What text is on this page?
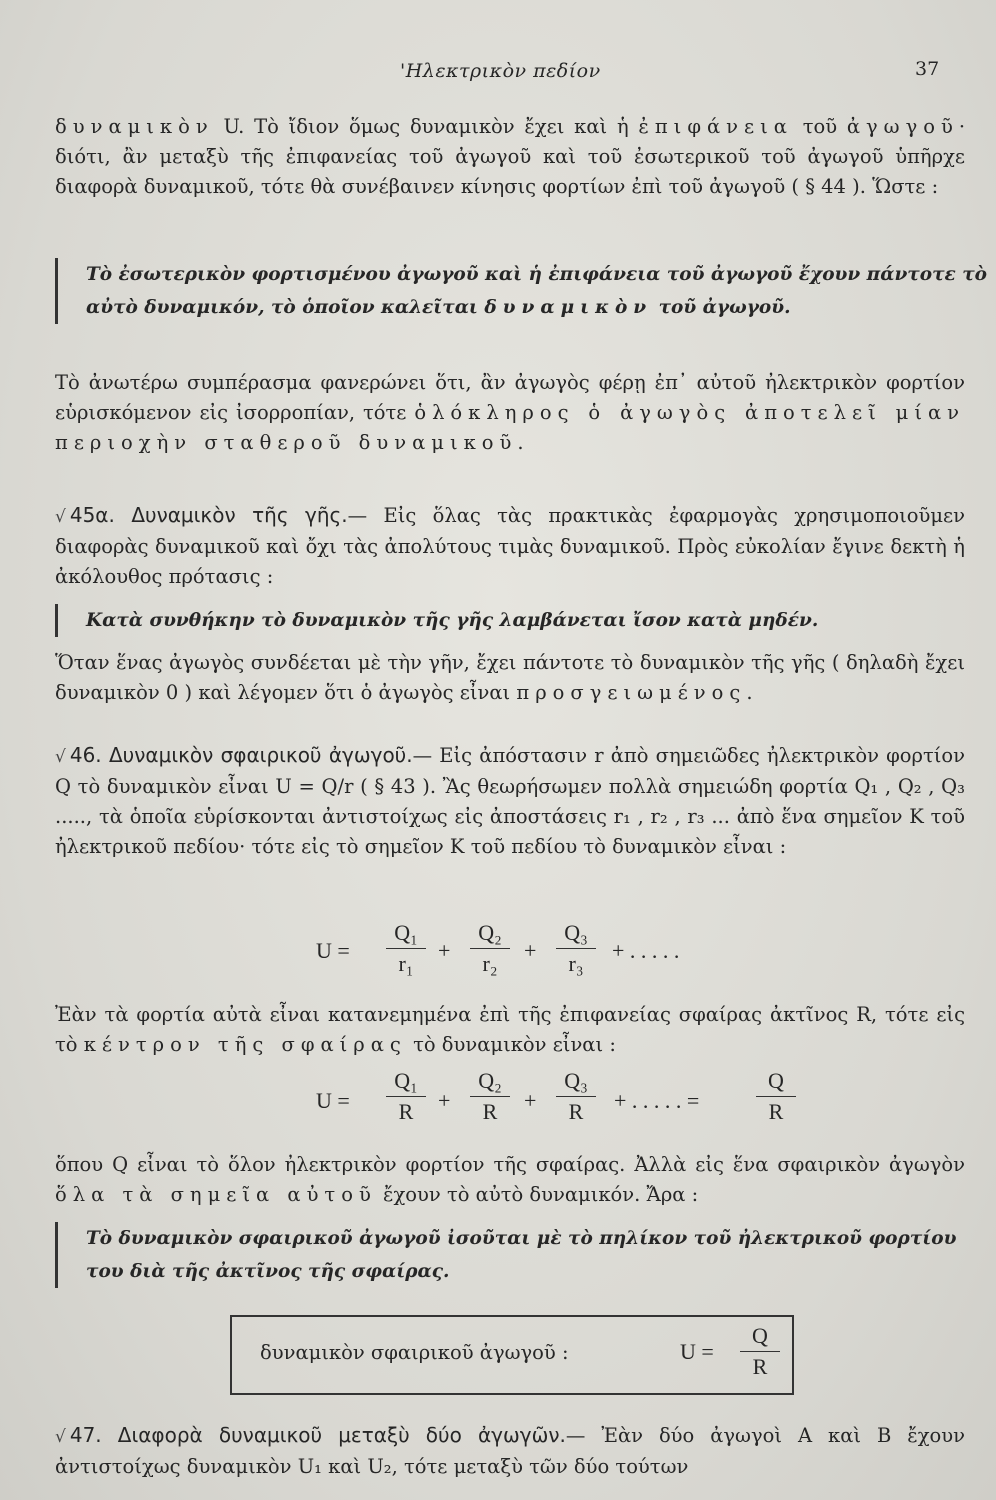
'Ηλεκτρικὸν πεδίον	37
δυναμικὸν U. Τὸ ἴδιον ὅμως δυναμικὸν ἔχει καὶ ἡ ἐπιφάνεια τοῦ ἀγωγοῦ· διότι, ἂν μεταξὺ τῆς ἐπιφανείας τοῦ ἀγωγοῦ καὶ τοῦ ἐσωτερικοῦ τοῦ ἀγωγοῦ ὑπῆρχε διαφορὰ δυναμικοῦ, τότε θὰ συνέβαινεν κίνησις φορτίων ἐπὶ τοῦ ἀγωγοῦ ( § 44 ). Ὥστε :
Τὸ ἐσωτερικὸν φορτισμένου ἀγωγοῦ καὶ ἡ ἐπιφάνεια τοῦ ἀγωγοῦ ἔχουν πάντοτε τὸ αὐτὸ δυναμικόν, τὸ ὁποῖον καλεῖται δυναμικὸν τοῦ ἀγωγοῦ.
Τὸ ἀνωτέρω συμπέρασμα φανερώνει ὅτι, ἂν ἀγωγὸς φέρῃ ἐπ᾽ αὐτοῦ ἠλεκτρικὸν φορτίον εὑρισκόμενον εἰς ἰσορροπίαν, τότε ὁλόκληρος ὁ ἀγωγὸς ἀποτελεῖ μίαν περιοχὴν σταθεροῦ δυναμικοῦ.
√ 45α. Δυναμικὸν τῆς γῆς.— Εἰς ὅλας τὰς πρακτικὰς ἐφαρμογὰς χρησιμοποιοῦμεν διαφορὰς δυναμικοῦ καὶ ὄχι τὰς ἀπολύτους τιμὰς δυναμικοῦ. Πρὸς εὐκολίαν ἔγινε δεκτὴ ἡ ἀκόλουθος πρότασις :
Κατὰ συνθήκην τὸ δυναμικὸν τῆς γῆς λαμβάνεται ἴσον κατὰ μηδέν.
Ὅταν ἕνας ἀγωγὸς συνδέεται μὲ τὴν γῆν, ἔχει πάντοτε τὸ δυναμικὸν τῆς γῆς ( δηλαδὴ ἔχει δυναμικὸν 0 ) καὶ λέγομεν ὅτι ὁ ἀγωγὸς εἶναι προσγειωμένος.
√ 46. Δυναμικὸν σφαιρικοῦ ἀγωγοῦ.— Εἰς ἀπόστασιν r ἀπὸ σημειῶδες ἠλεκτρικὸν φορτίον Q τὸ δυναμικὸν εἶναι U = Q/r ( § 43 ). Ἂς θεωρήσωμεν πολλὰ σημειώδη φορτία Q₁ , Q₂ , Q₃ ....., τὰ ὁποῖα εὑρίσκονται ἀντιστοίχως εἰς ἀποστάσεις r₁ , r₂ , r₃ ... ἀπὸ ἕνα σημεῖον Κ τοῦ ἠλεκτρικοῦ πεδίου· τότε εἰς τὸ σημεῖον Κ τοῦ πεδίου τὸ δυναμικὸν εἶναι :
$U = \frac{\text{Q₁}}{\text{r₁}} + \frac{\text{Q₂}}{\text{r₂}} + \frac{\text{Q₃}}{\text{r₃}}$ + . . . . .
Ἐὰν τὰ φορτία αὐτὰ εἶναι κατανεμημένα ἐπὶ τῆς ἐπιφανείας σφαίρας ἀκτῖνος R, τότε εἰς τὸ κέντρον τῆς σφαίρας τὸ δυναμικὸν εἶναι :
$U = \frac{\text{Q₁}}{R} + \frac{\text{Q₂}}{R} + \frac{\text{Q₃}}{R}$ + . . . . . =	$\frac{Q}{R}$
ὅπου Q εἶναι τὸ ὅλον ἠλεκτρικὸν φορτίον τῆς σφαίρας. Ἀλλὰ εἰς ἕνα σφαιρικὸν ἀγωγὸν ὅλα τὰ σημεῖα αὐτοῦ ἔχουν τὸ αὐτὸ δυναμικόν. Ἄρα :
Τὸ δυναμικὸν σφαιρικοῦ ἀγωγοῦ ἰσοῦται μὲ τὸ πηλίκον τοῦ ἠλεκτρικοῦ φορτίου του διὰ τῆς ἀκτῖνος τῆς σφαίρας.
δυναμικὸν σφαιρικοῦ ἀγωγοῦ :	$U = \frac{Q}{R}$
√ 47. Διαφορὰ δυναμικοῦ μεταξὺ δύο ἀγωγῶν.— Ἐὰν δύο ἀγωγοὶ Α καὶ Β ἔχουν ἀντιστοίχως δυναμικὸν U₁ καὶ U₂, τότε μεταξὺ τῶν δύο τούτων
